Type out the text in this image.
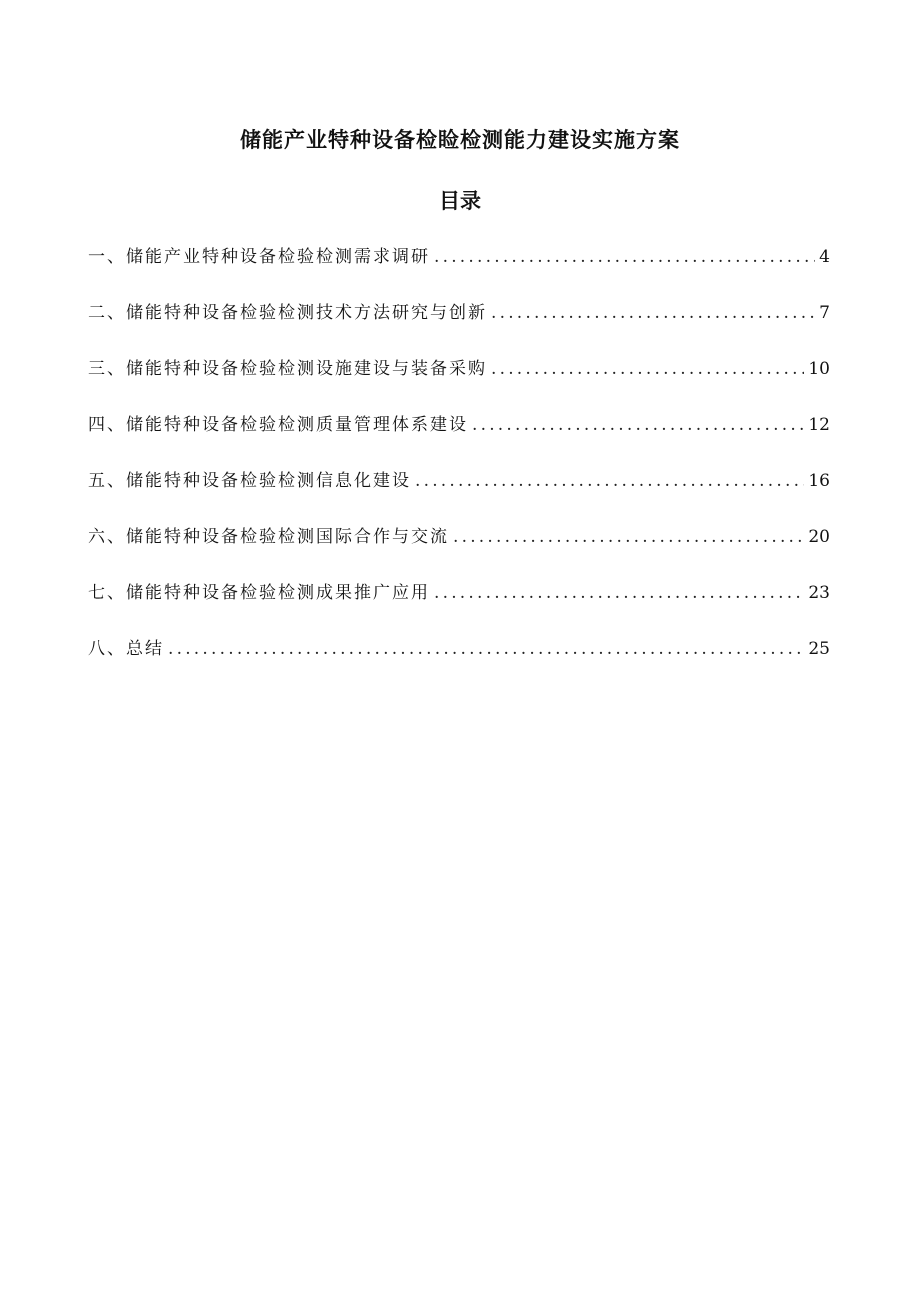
储能产业特种设备检睑检测能力建设实施方案
目录
一、储能产业特种设备检验检测需求调研 .....	4
二、储能特种设备检验检测技术方法研究与创新 .....	7
三、储能特种设备检验检测设施建设与装备采购 .....	10
四、储能特种设备检验检测质量管理体系建设 .....	12
五、储能特种设备检验检测信息化建设 .....	16
六、储能特种设备检验检测国际合作与交流 .....	20
七、储能特种设备检验检测成果推广应用 .....	23
八、总结 .....	25
